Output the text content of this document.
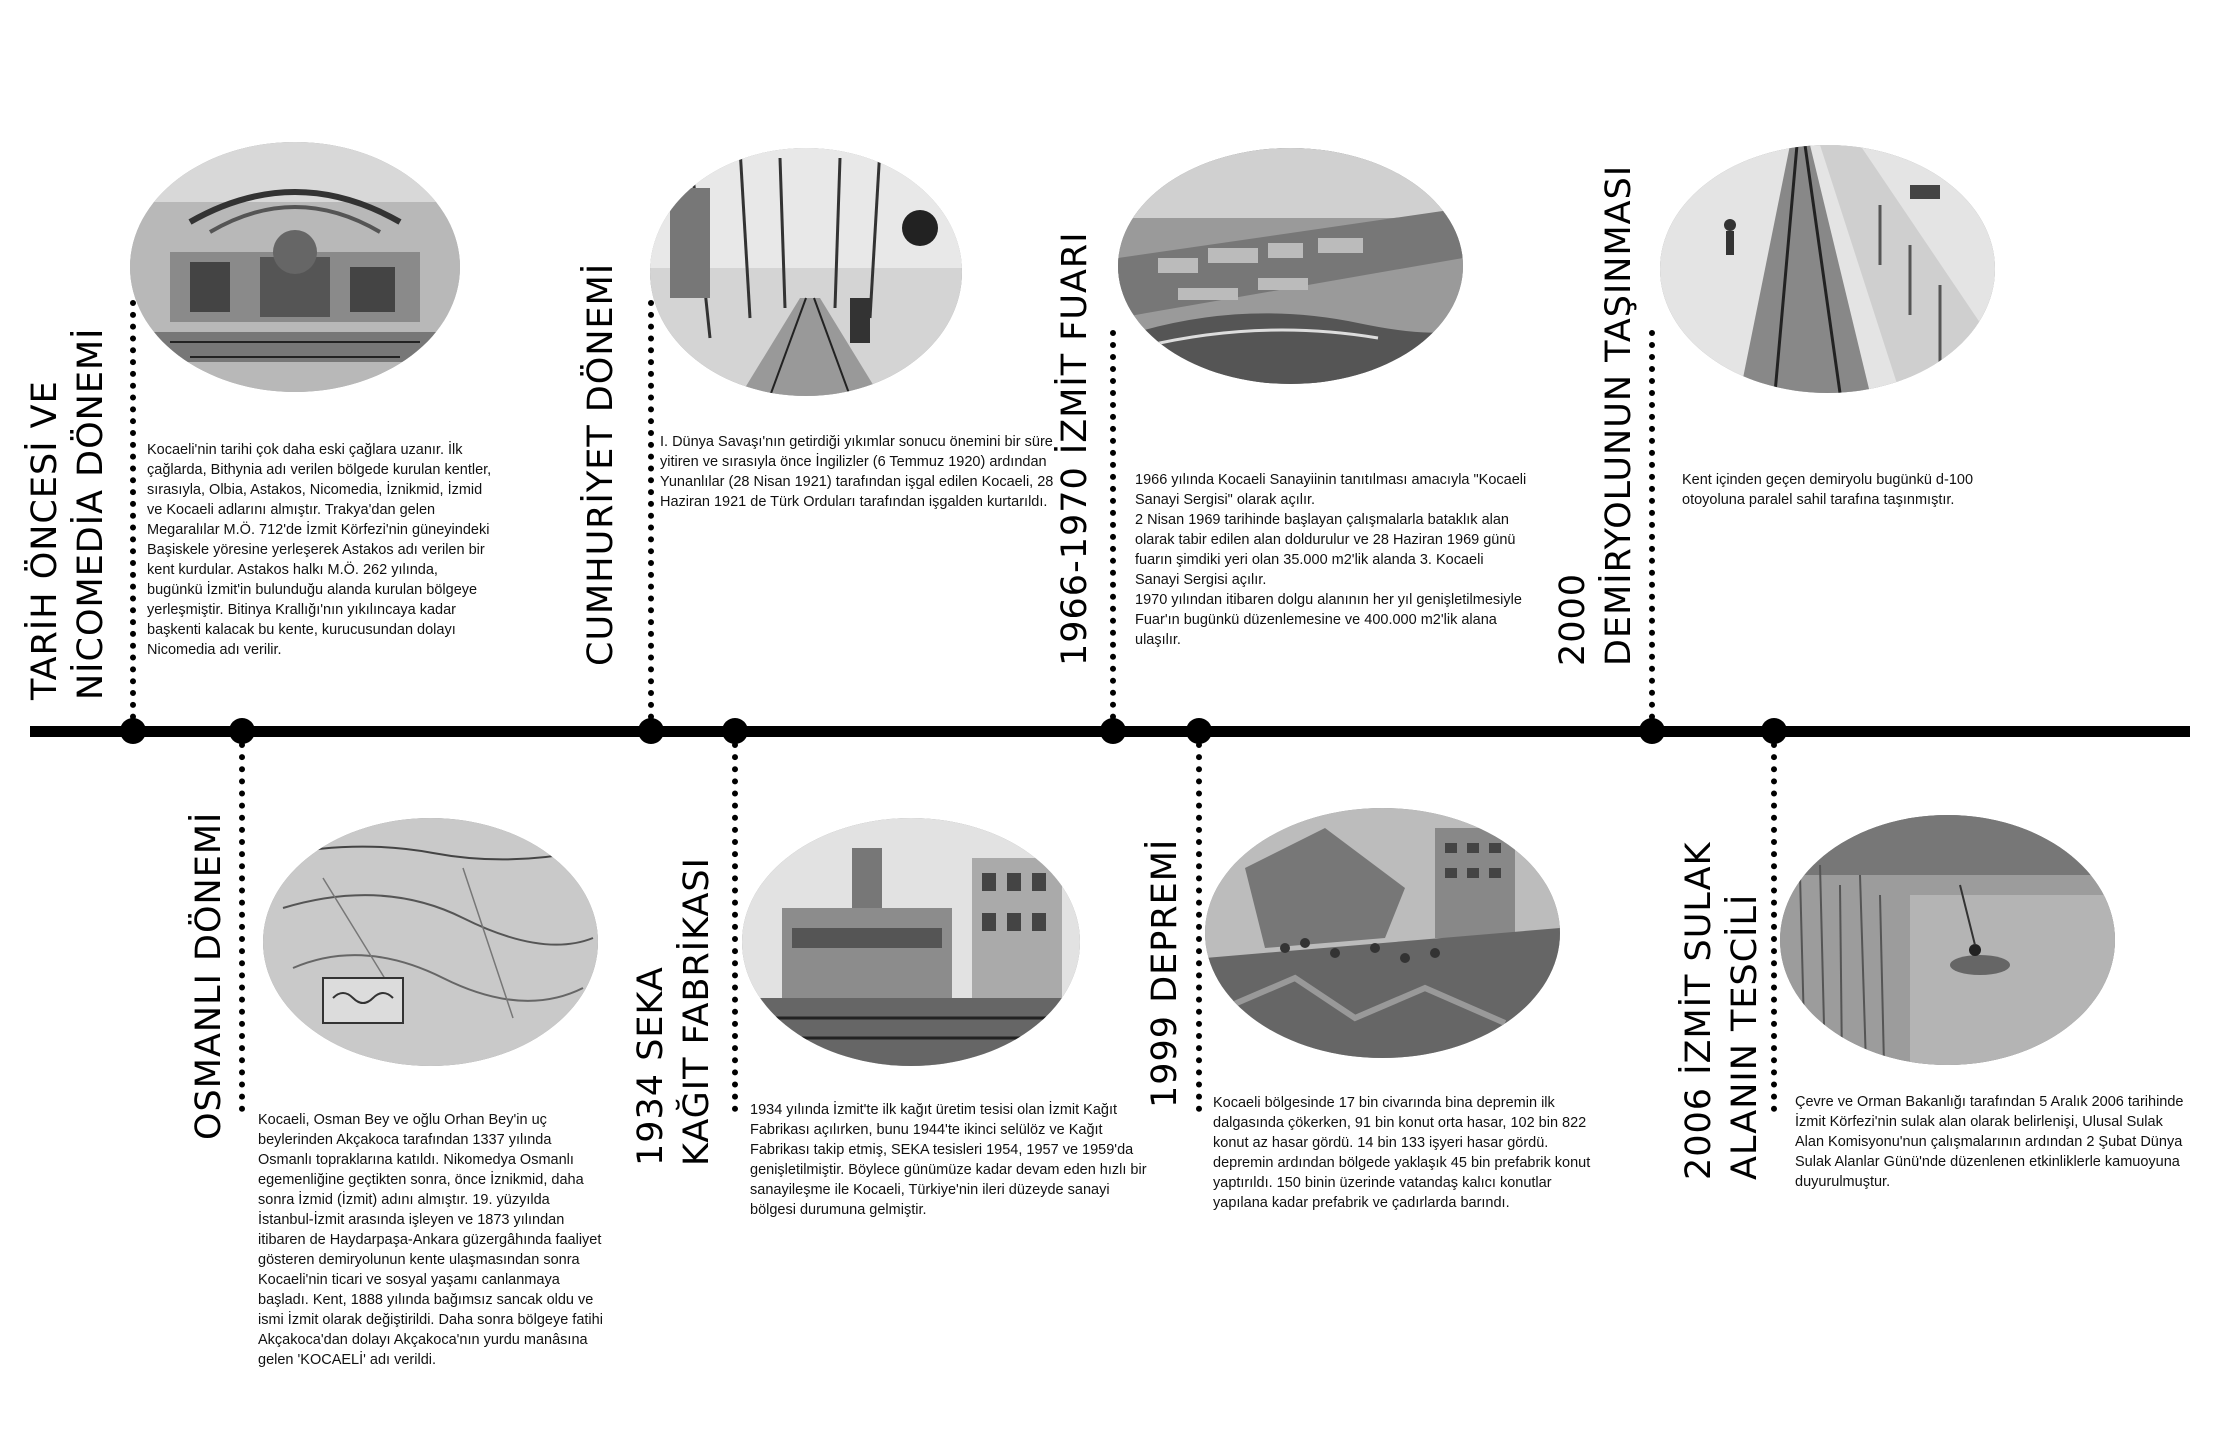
TARİH ÖNCESİ VE
NİCOMEDİA DÖNEMİ
OSMANLI DÖNEMİ
CUMHURİYET DÖNEMİ
1934 SEKA
KAĞIT FABRİKASI
1966-1970 İZMİT FUARI
1999 DEPREMİ
2000
DEMİRYOLUNUN TAŞINMASI
2006 İZMİT SULAK
ALANIN TESCİLİ
Kocaeli'nin tarihi çok daha eski çağlara uzanır. İlk çağlarda, Bithynia adı verilen bölgede kurulan kentler, sırasıyla, Olbia, Astakos, Nicomedia, İznikmid, İzmid ve Kocaeli adlarını almıştır. Trakya'dan gelen Megaralılar M.Ö. 712'de İzmit Körfezi'nin güneyindeki Başiskele yöresine yerleşerek Astakos adı verilen bir kent kurdular. Astakos halkı M.Ö. 262 yılında, bugünkü İzmit'in bulunduğu alanda kurulan bölgeye yerleşmiştir. Bitinya Krallığı'nın yıkılıncaya kadar başkenti kalacak bu kente, kurucusundan dolayı Nicomedia adı verilir.
Kocaeli, Osman Bey ve oğlu Orhan Bey'in uç beylerinden Akçakoca tarafından 1337 yılında Osmanlı topraklarına katıldı. Nikomedya Osmanlı egemenliğine geçtikten sonra, önce İznikmid, daha sonra İzmid (İzmit) adını almıştır. 19. yüzyılda İstanbul-İzmit arasında işleyen ve 1873 yılından itibaren de Haydarpaşa-Ankara güzergâhında faaliyet gösteren demiryolunun kente ulaşmasından sonra Kocaeli'nin ticari ve sosyal yaşamı canlanmaya başladı. Kent, 1888 yılında bağımsız sancak oldu ve ismi İzmit olarak değiştirildi. Daha sonra bölgeye fatihi Akçakoca'dan dolayı Akçakoca'nın yurdu manâsına gelen 'KOCAELİ' adı verildi.
I. Dünya Savaşı'nın getirdiği yıkımlar sonucu önemini bir süre yitiren ve sırasıyla önce İngilizler (6 Temmuz 1920) ardından Yunanlılar (28 Nisan 1921) tarafından işgal edilen Kocaeli, 28 Haziran 1921 de Türk Orduları tarafından işgalden kurtarıldı.
1934 yılında İzmit'te ilk kağıt üretim tesisi olan İzmit Kağıt Fabrikası açılırken, bunu 1944'te ikinci selülöz ve Kağıt Fabrikası takip etmiş, SEKA tesisleri 1954, 1957 ve 1959'da genişletilmiştir. Böylece günümüze kadar devam eden hızlı bir sanayileşme ile Kocaeli, Türkiye'nin ileri düzeyde sanayi bölgesi durumuna gelmiştir.
1966 yılında Kocaeli Sanayiinin tanıtılması amacıyla "Kocaeli Sanayi Sergisi" olarak açılır.
2 Nisan 1969 tarihinde başlayan çalışmalarla bataklık alan olarak tabir edilen alan doldurulur ve 28 Haziran 1969 günü fuarın şimdiki yeri olan 35.000 m2'lik alanda 3. Kocaeli Sanayi Sergisi açılır.
1970 yılından itibaren dolgu alanının her yıl genişletilmesiyle Fuar'ın bugünkü düzenlemesine ve 400.000 m2'lik alana ulaşılır.
Kocaeli bölgesinde 17 bin civarında bina depremin ilk dalgasında çökerken, 91 bin konut orta hasar, 102 bin 822 konut az hasar gördü. 14 bin 133 işyeri hasar gördü. depremin ardından bölgede yaklaşık 45 bin prefabrik konut yaptırıldı. 150 binin üzerinde vatandaş kalıcı konutlar yapılana kadar prefabrik ve çadırlarda barındı.
Kent içinden geçen demiryolu bugünkü d-100 otoyoluna paralel sahil tarafına taşınmıştır.
Çevre ve Orman Bakanlığı tarafından 5 Aralık 2006 tarihinde İzmit Körfezi'nin sulak alan olarak belirlenişi, Ulusal Sulak Alan Komisyonu'nun çalışmalarının ardından 2 Şubat Dünya Sulak Alanlar Günü'nde düzenlenen etkinliklerle kamuoyuna duyurulmuştur.
